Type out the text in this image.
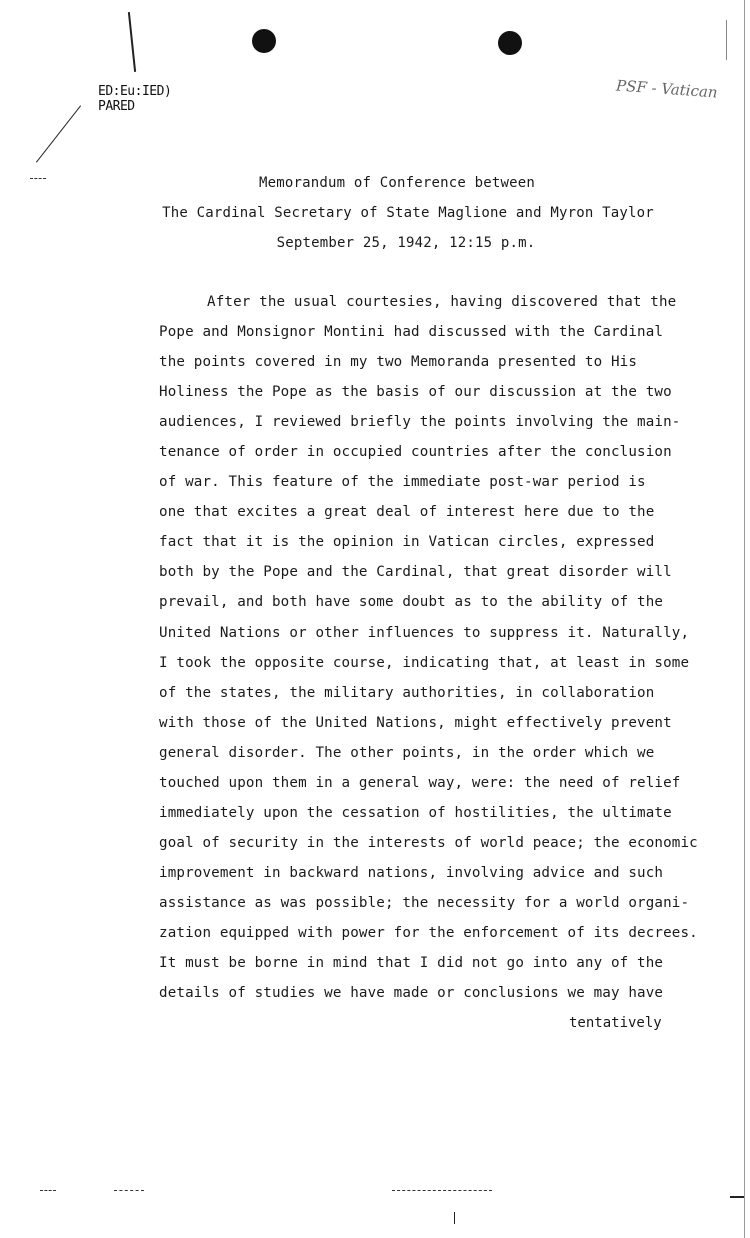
ED:Eu:IED)
PARED
PSF - Vatican
Memorandum of Conference between
The Cardinal Secretary of State Maglione and Myron Taylor
September 25, 1942, 12:15 p.m.
After the usual courtesies, having discovered that the
Pope and Monsignor Montini had discussed with the Cardinal
the points covered in my two Memoranda presented to His
Holiness the Pope as the basis of our discussion at the two
audiences, I reviewed briefly the points involving the main-
tenance of order in occupied countries after the conclusion
of war. This feature of the immediate post-war period is
one that excites a great deal of interest here due to the
fact that it is the opinion in Vatican circles, expressed
both by the Pope and the Cardinal, that great disorder will
prevail, and both have some doubt as to the ability of the
United Nations or other influences to suppress it. Naturally,
I took the opposite course, indicating that, at least in some
of the states, the military authorities, in collaboration
with those of the United Nations, might effectively prevent
general disorder. The other points, in the order which we
touched upon them in a general way, were: the need of relief
immediately upon the cessation of hostilities, the ultimate
goal of security in the interests of world peace; the economic
improvement in backward nations, involving advice and such
assistance as was possible; the necessity for a world organi-
zation equipped with power for the enforcement of its decrees.
It must be borne in mind that I did not go into any of the
details of studies we have made or conclusions we may have
tentatively
